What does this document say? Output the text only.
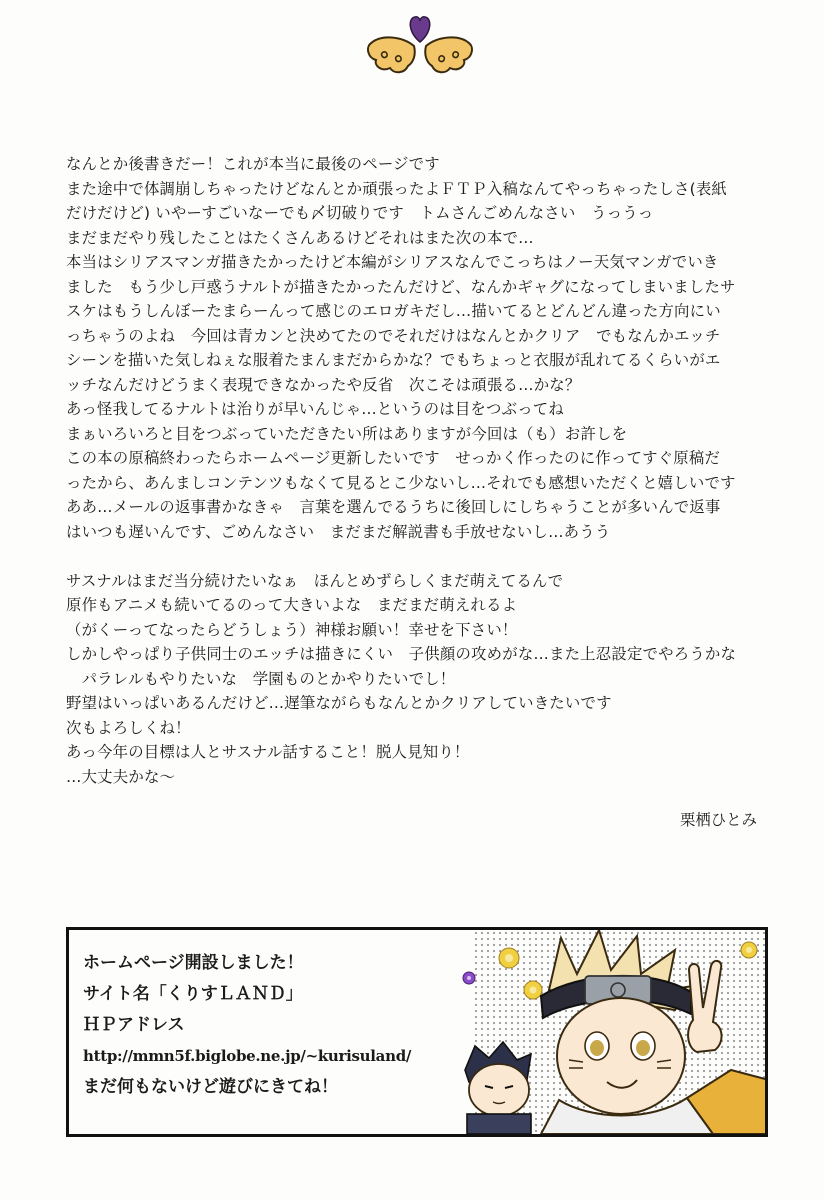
なんとか後書きだー！これが本当に最後のページです
また途中で体調崩しちゃったけどなんとか頑張ったよＦＴＰ入稿なんてやっちゃったしさ(表紙
だけだけど) いやーすごいなーでも〆切破りです　トムさんごめんなさい　うっうっ
まだまだやり残したことはたくさんあるけどそれはまた次の本で…
本当はシリアスマンガ描きたかったけど本編がシリアスなんでこっちはノー天気マンガでいき
ました　もう少し戸惑うナルトが描きたかったんだけど、なんかギャグになってしまいましたサ
スケはもうしんぼーたまらーんって感じのエロガキだし…描いてるとどんどん違った方向にい
っちゃうのよね　今回は青カンと決めてたのでそれだけはなんとかクリア　でもなんかエッチ
シーンを描いた気しねぇな服着たまんまだからかな？でもちょっと衣服が乱れてるくらいがエ
ッチなんだけどうまく表現できなかったや反省　次こそは頑張る…かな？
あっ怪我してるナルトは治りが早いんじゃ…というのは目をつぶってね
まぁいろいろと目をつぶっていただきたい所はありますが今回は（も）お許しを
この本の原稿終わったらホームページ更新したいです　せっかく作ったのに作ってすぐ原稿だ
ったから、あんましコンテンツもなくて見るとこ少ないし…それでも感想いただくと嬉しいです
ああ…メールの返事書かなきゃ　言葉を選んでるうちに後回しにしちゃうことが多いんで返事
はいつも遅いんです、ごめんなさい　まだまだ解説書も手放せないし…あうう
サスナルはまだ当分続けたいなぁ　ほんとめずらしくまだ萌えてるんで
原作もアニメも続いてるのって大きいよな　まだまだ萌えれるよ
（がくーってなったらどうしょう）神様お願い！幸せを下さい！
しかしやっぱり子供同士のエッチは描きにくい　子供顔の攻めがな…また上忍設定でやろうかな
　パラレルもやりたいな　学園ものとかやりたいでし！
野望はいっぱいあるんだけど…遅筆ながらもなんとかクリアしていきたいです
次もよろしくね！
あっ今年の目標は人とサスナル話すること！脱人見知り！
…大丈夫かな〜
栗栖ひとみ
ホームページ開設しました！
サイト名「くりすＬＡＮＤ」
ＨＰアドレス
http://mmn5f.biglobe.ne.jp/~kurisuland/
まだ何もないけど遊びにきてね！
